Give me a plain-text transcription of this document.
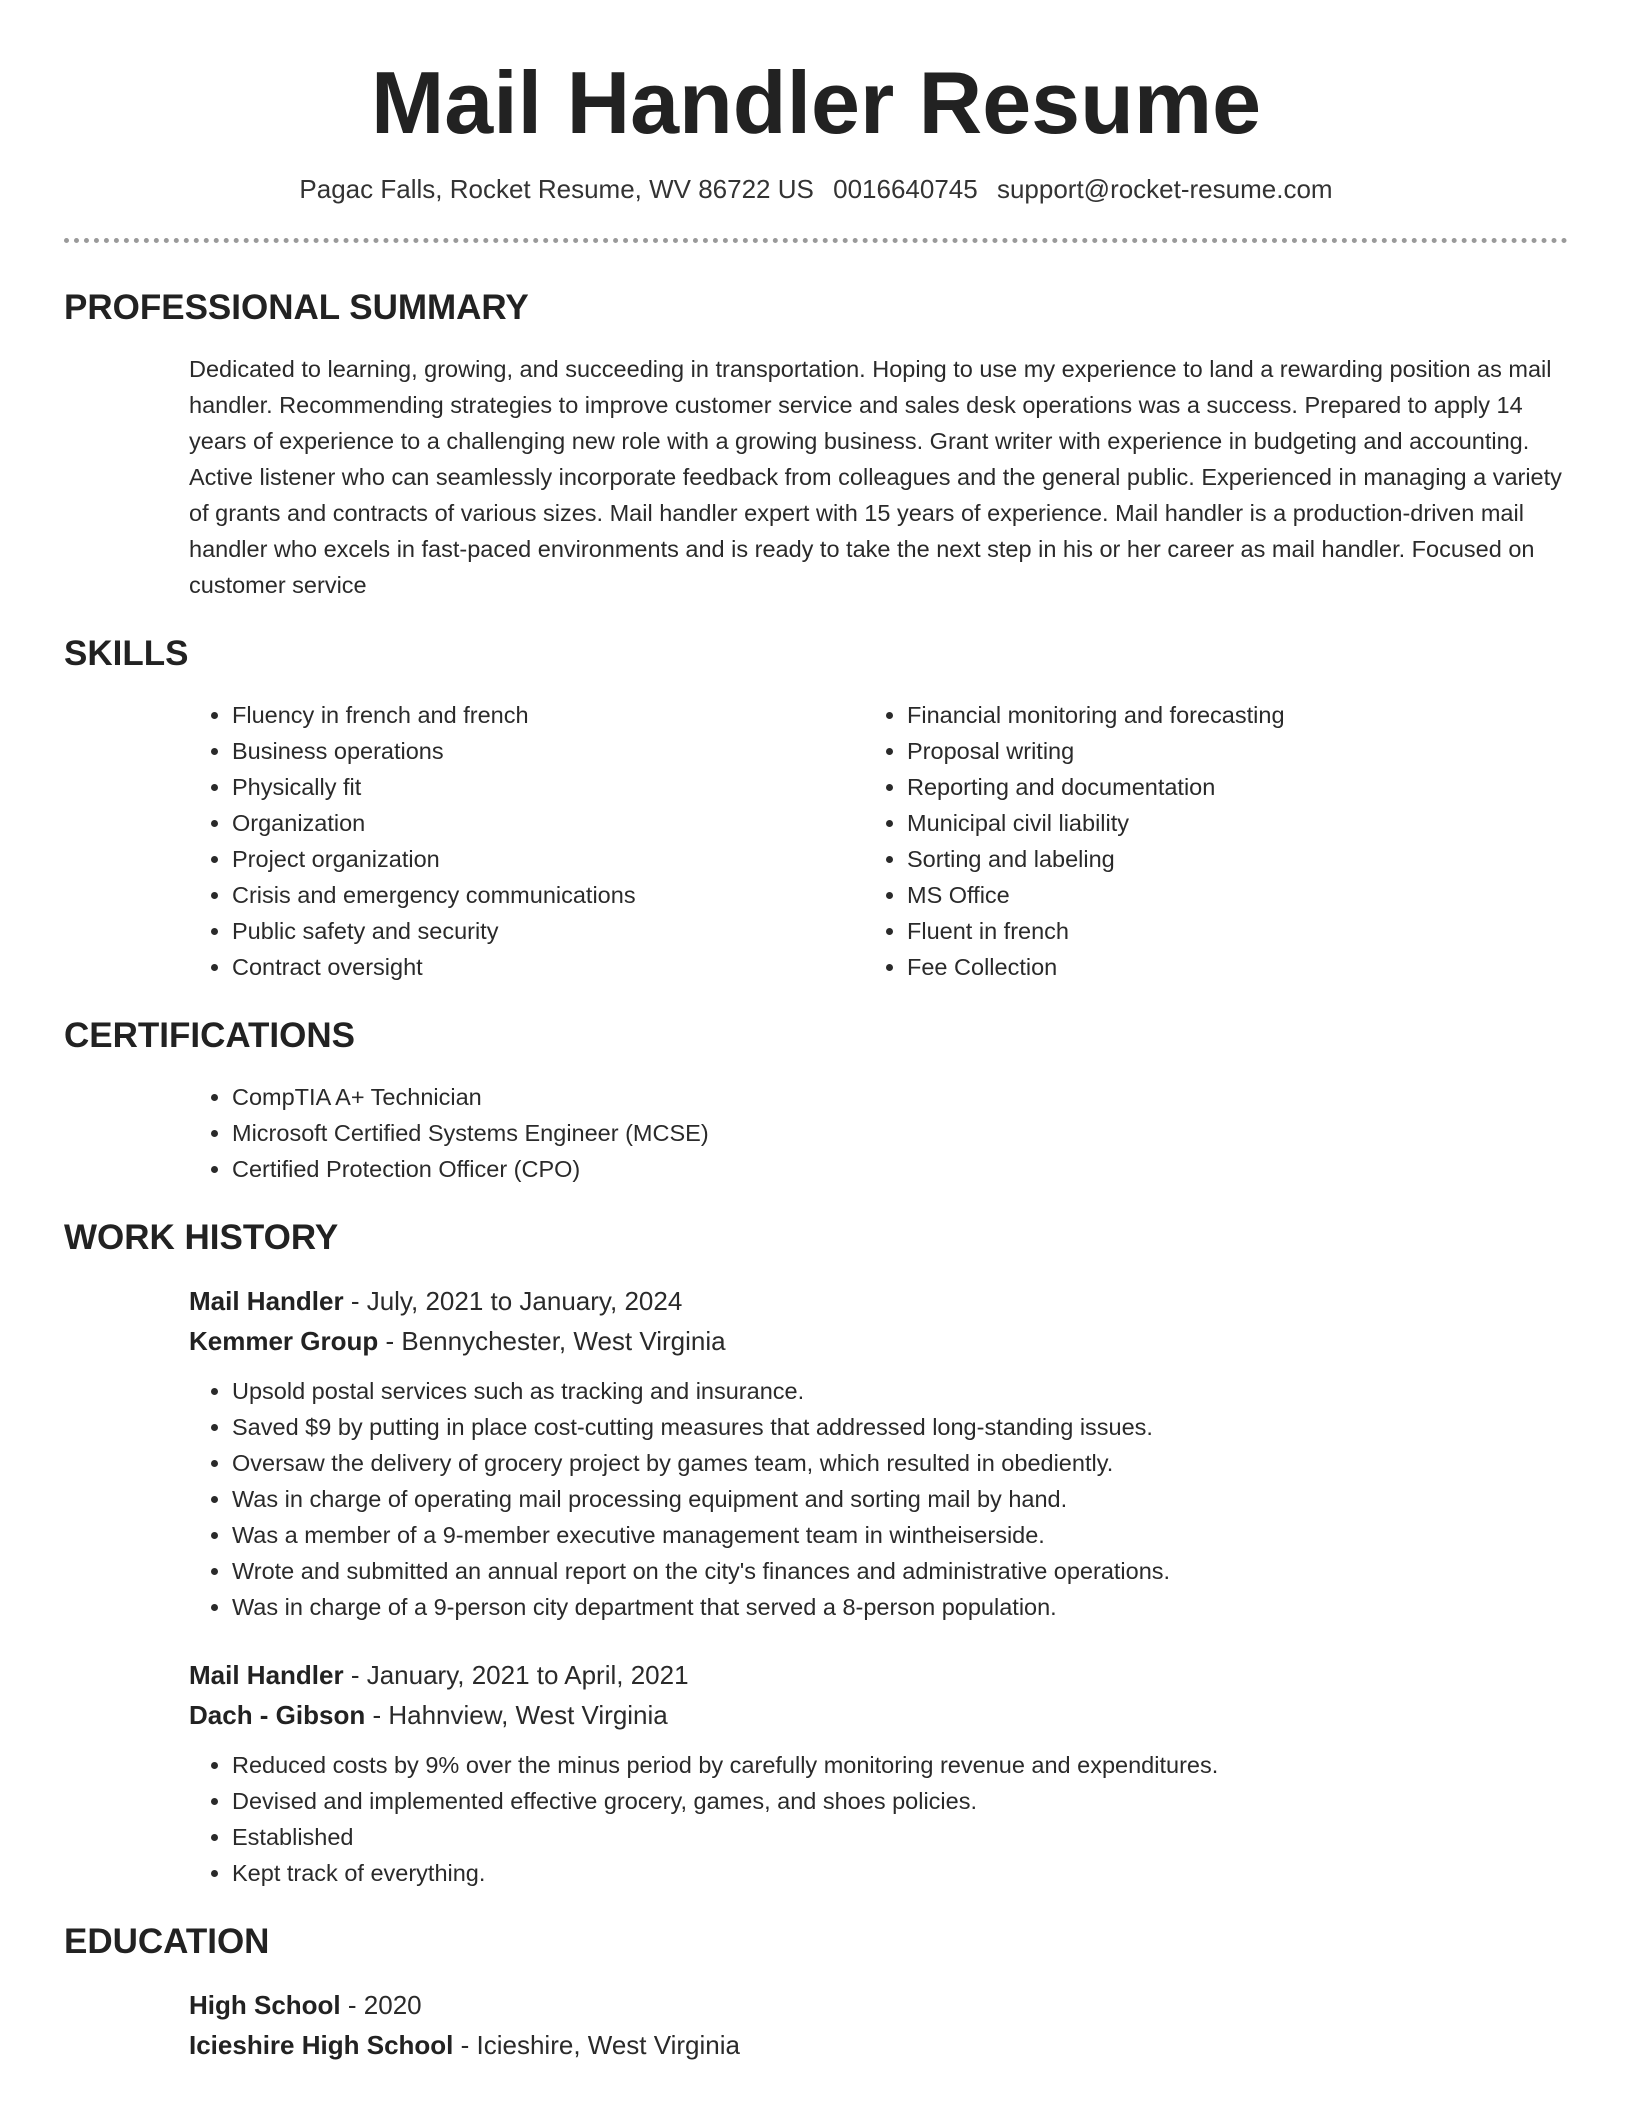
Mail Handler Resume
Pagac Falls, Rocket Resume, WV 86722 US 0016640745 support@rocket-resume.com
PROFESSIONAL SUMMARY

Dedicated to learning, growing, and succeeding in transportation. Hoping to use my experience to land a rewarding position as mail handler. Recommending strategies to improve customer service and sales desk operations was a success. Prepared to apply 14 years of experience to a challenging new role with a growing business. Grant writer with experience in budgeting and accounting. Active listener who can seamlessly incorporate feedback from colleagues and the general public. Experienced in managing a variety of grants and contracts of various sizes. Mail handler expert with 15 years of experience. Mail handler is a production-driven mail handler who excels in fast-paced environments and is ready to take the next step in his or her career as mail handler. Focused on customer service

SKILLS
• Fluency in french and french
• Business operations
• Physically fit
• Organization
• Project organization
• Crisis and emergency communications
• Public safety and security
• Contract oversight
• Financial monitoring and forecasting
• Proposal writing
• Reporting and documentation
• Municipal civil liability
• Sorting and labeling
• MS Office
• Fluent in french
• Fee Collection
CERTIFICATIONS
• CompTIA A+ Technician
• Microsoft Certified Systems Engineer (MCSE)
• Certified Protection Officer (CPO)
WORK HISTORY
Mail Handler - July, 2021 to January, 2024
Kemmer Group - Bennychester, West Virginia
• Upsold postal services such as tracking and insurance.
• Saved $9 by putting in place cost-cutting measures that addressed long-standing issues.
• Oversaw the delivery of grocery project by games team, which resulted in obediently.
• Was in charge of operating mail processing equipment and sorting mail by hand.
• Was a member of a 9-member executive management team in wintheiserside.
• Wrote and submitted an annual report on the city's finances and administrative operations.
• Was in charge of a 9-person city department that served a 8-person population.
Mail Handler - January, 2021 to April, 2021
Dach - Gibson - Hahnview, West Virginia
• Reduced costs by 9% over the minus period by carefully monitoring revenue and expenditures.
• Devised and implemented effective grocery, games, and shoes policies.
• Established
• Kept track of everything.
EDUCATION
High School - 2020
Icieshire High School - Icieshire, West Virginia
